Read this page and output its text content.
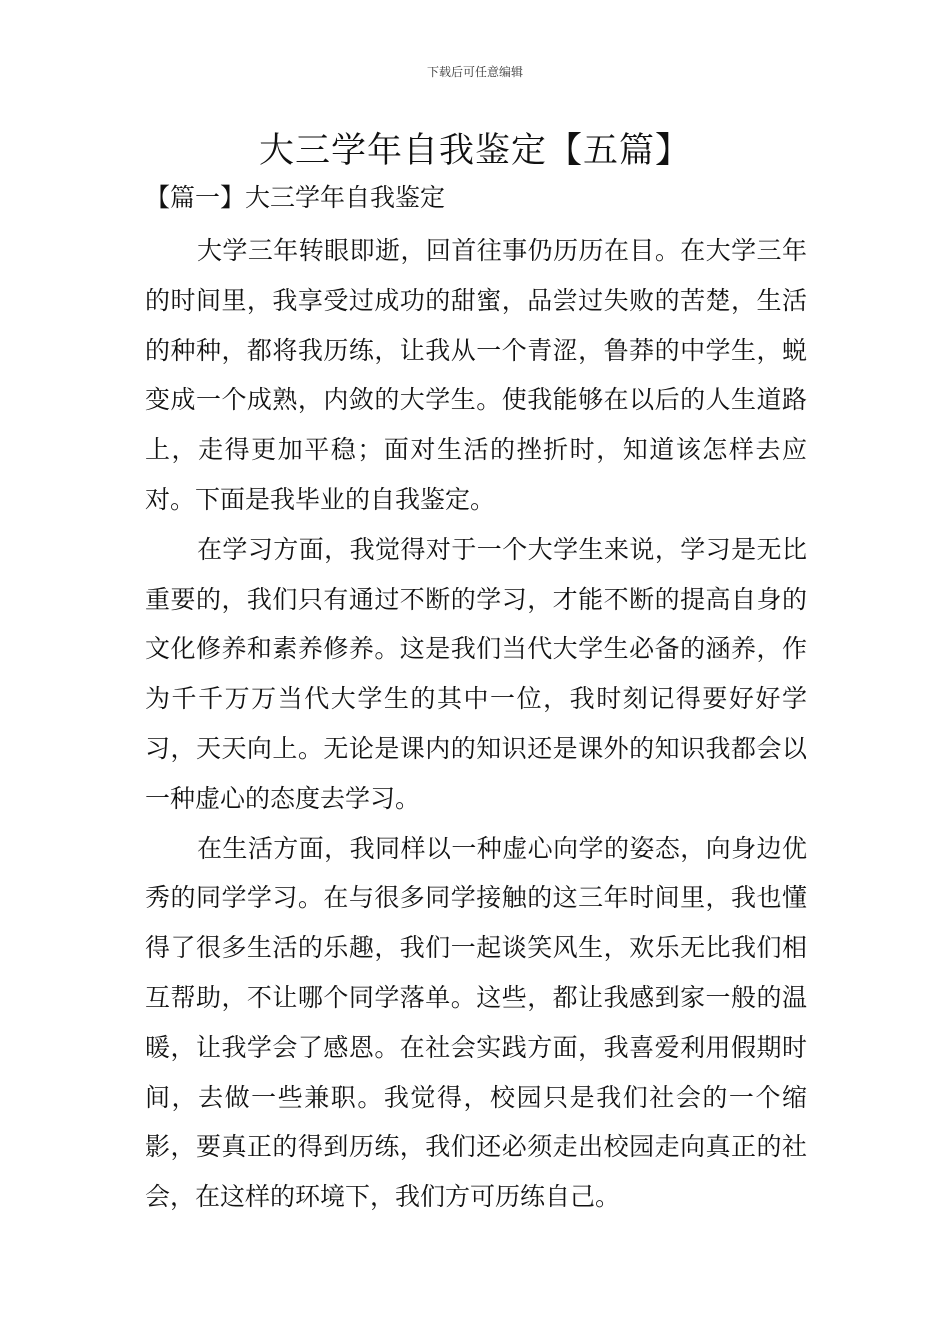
下载后可任意编辑
大三学年自我鉴定【五篇】
【篇一】大三学年自我鉴定

大学三年转眼即逝，回首往事仍历历在目。在大学三年的时间里，我享受过成功的甜蜜，品尝过失败的苦楚，生活的种种，都将我历练，让我从一个青涩，鲁莽的中学生，蜕变成一个成熟，内敛的大学生。使我能够在以后的人生道路上，走得更加平稳；面对生活的挫折时，知道该怎样去应对。下面是我毕业的自我鉴定。

在学习方面，我觉得对于一个大学生来说，学习是无比重要的，我们只有通过不断的学习，才能不断的提高自身的文化修养和素养修养。这是我们当代大学生必备的涵养，作为千千万万当代大学生的其中一位，我时刻记得要好好学习，天天向上。无论是课内的知识还是课外的知识我都会以一种虚心的态度去学习。

在生活方面，我同样以一种虚心向学的姿态，向身边优秀的同学学习。在与很多同学接触的这三年时间里，我也懂得了很多生活的乐趣，我们一起谈笑风生，欢乐无比我们相互帮助，不让哪个同学落单。这些，都让我感到家一般的温暖，让我学会了感恩。在社会实践方面，我喜爱利用假期时间，去做一些兼职。我觉得，校园只是我们社会的一个缩影，要真正的得到历练，我们还必须走出校园走向真正的社会，在这样的环境下，我们方可历练自己。
